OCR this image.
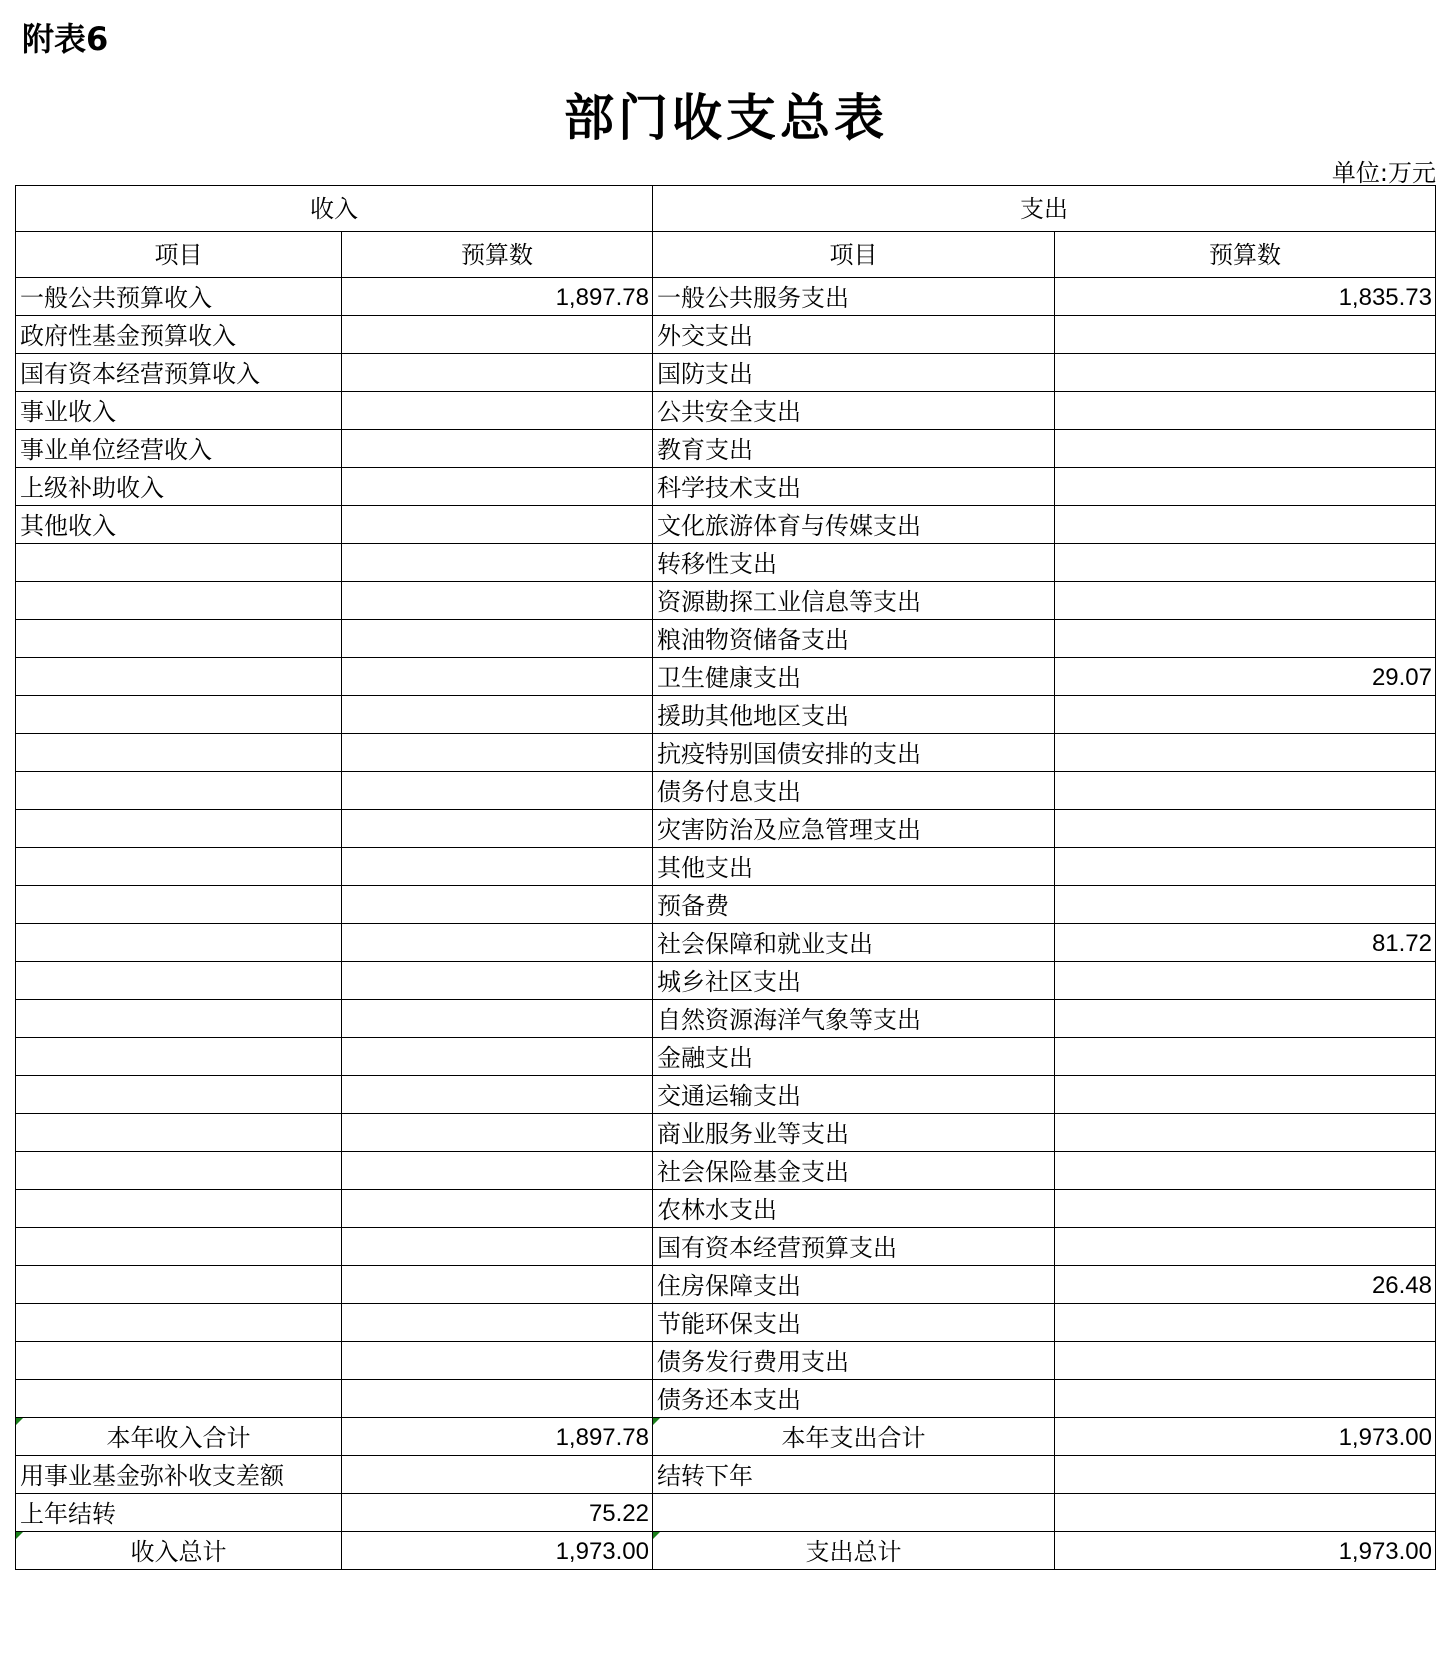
附表6
部门收支总表
单位:万元
收入		支出	
项目	预算数	项目	预算数
一般公共预算收入	1,897.78	一般公共服务支出	1,835.73
政府性基金预算收入		外交支出	
国有资本经营预算收入		国防支出	
事业收入		公共安全支出	
事业单位经营收入		教育支出	
上级补助收入		科学技术支出	
其他收入		文化旅游体育与传媒支出	
		转移性支出	
		资源勘探工业信息等支出	
		粮油物资储备支出	
		卫生健康支出	29.07
		援助其他地区支出	
		抗疫特别国债安排的支出	
		债务付息支出	
		灾害防治及应急管理支出	
		其他支出	
		预备费	
		社会保障和就业支出	81.72
		城乡社区支出	
		自然资源海洋气象等支出	
		金融支出	
		交通运输支出	
		商业服务业等支出	
		社会保险基金支出	
		农林水支出	
		国有资本经营预算支出	
		住房保障支出	26.48
		节能环保支出	
		债务发行费用支出	
		债务还本支出	
本年收入合计	1,897.78	本年支出合计	1,973.00
用事业基金弥补收支差额		结转下年	
上年结转	75.22		
收入总计	1,973.00	支出总计	1,973.00
